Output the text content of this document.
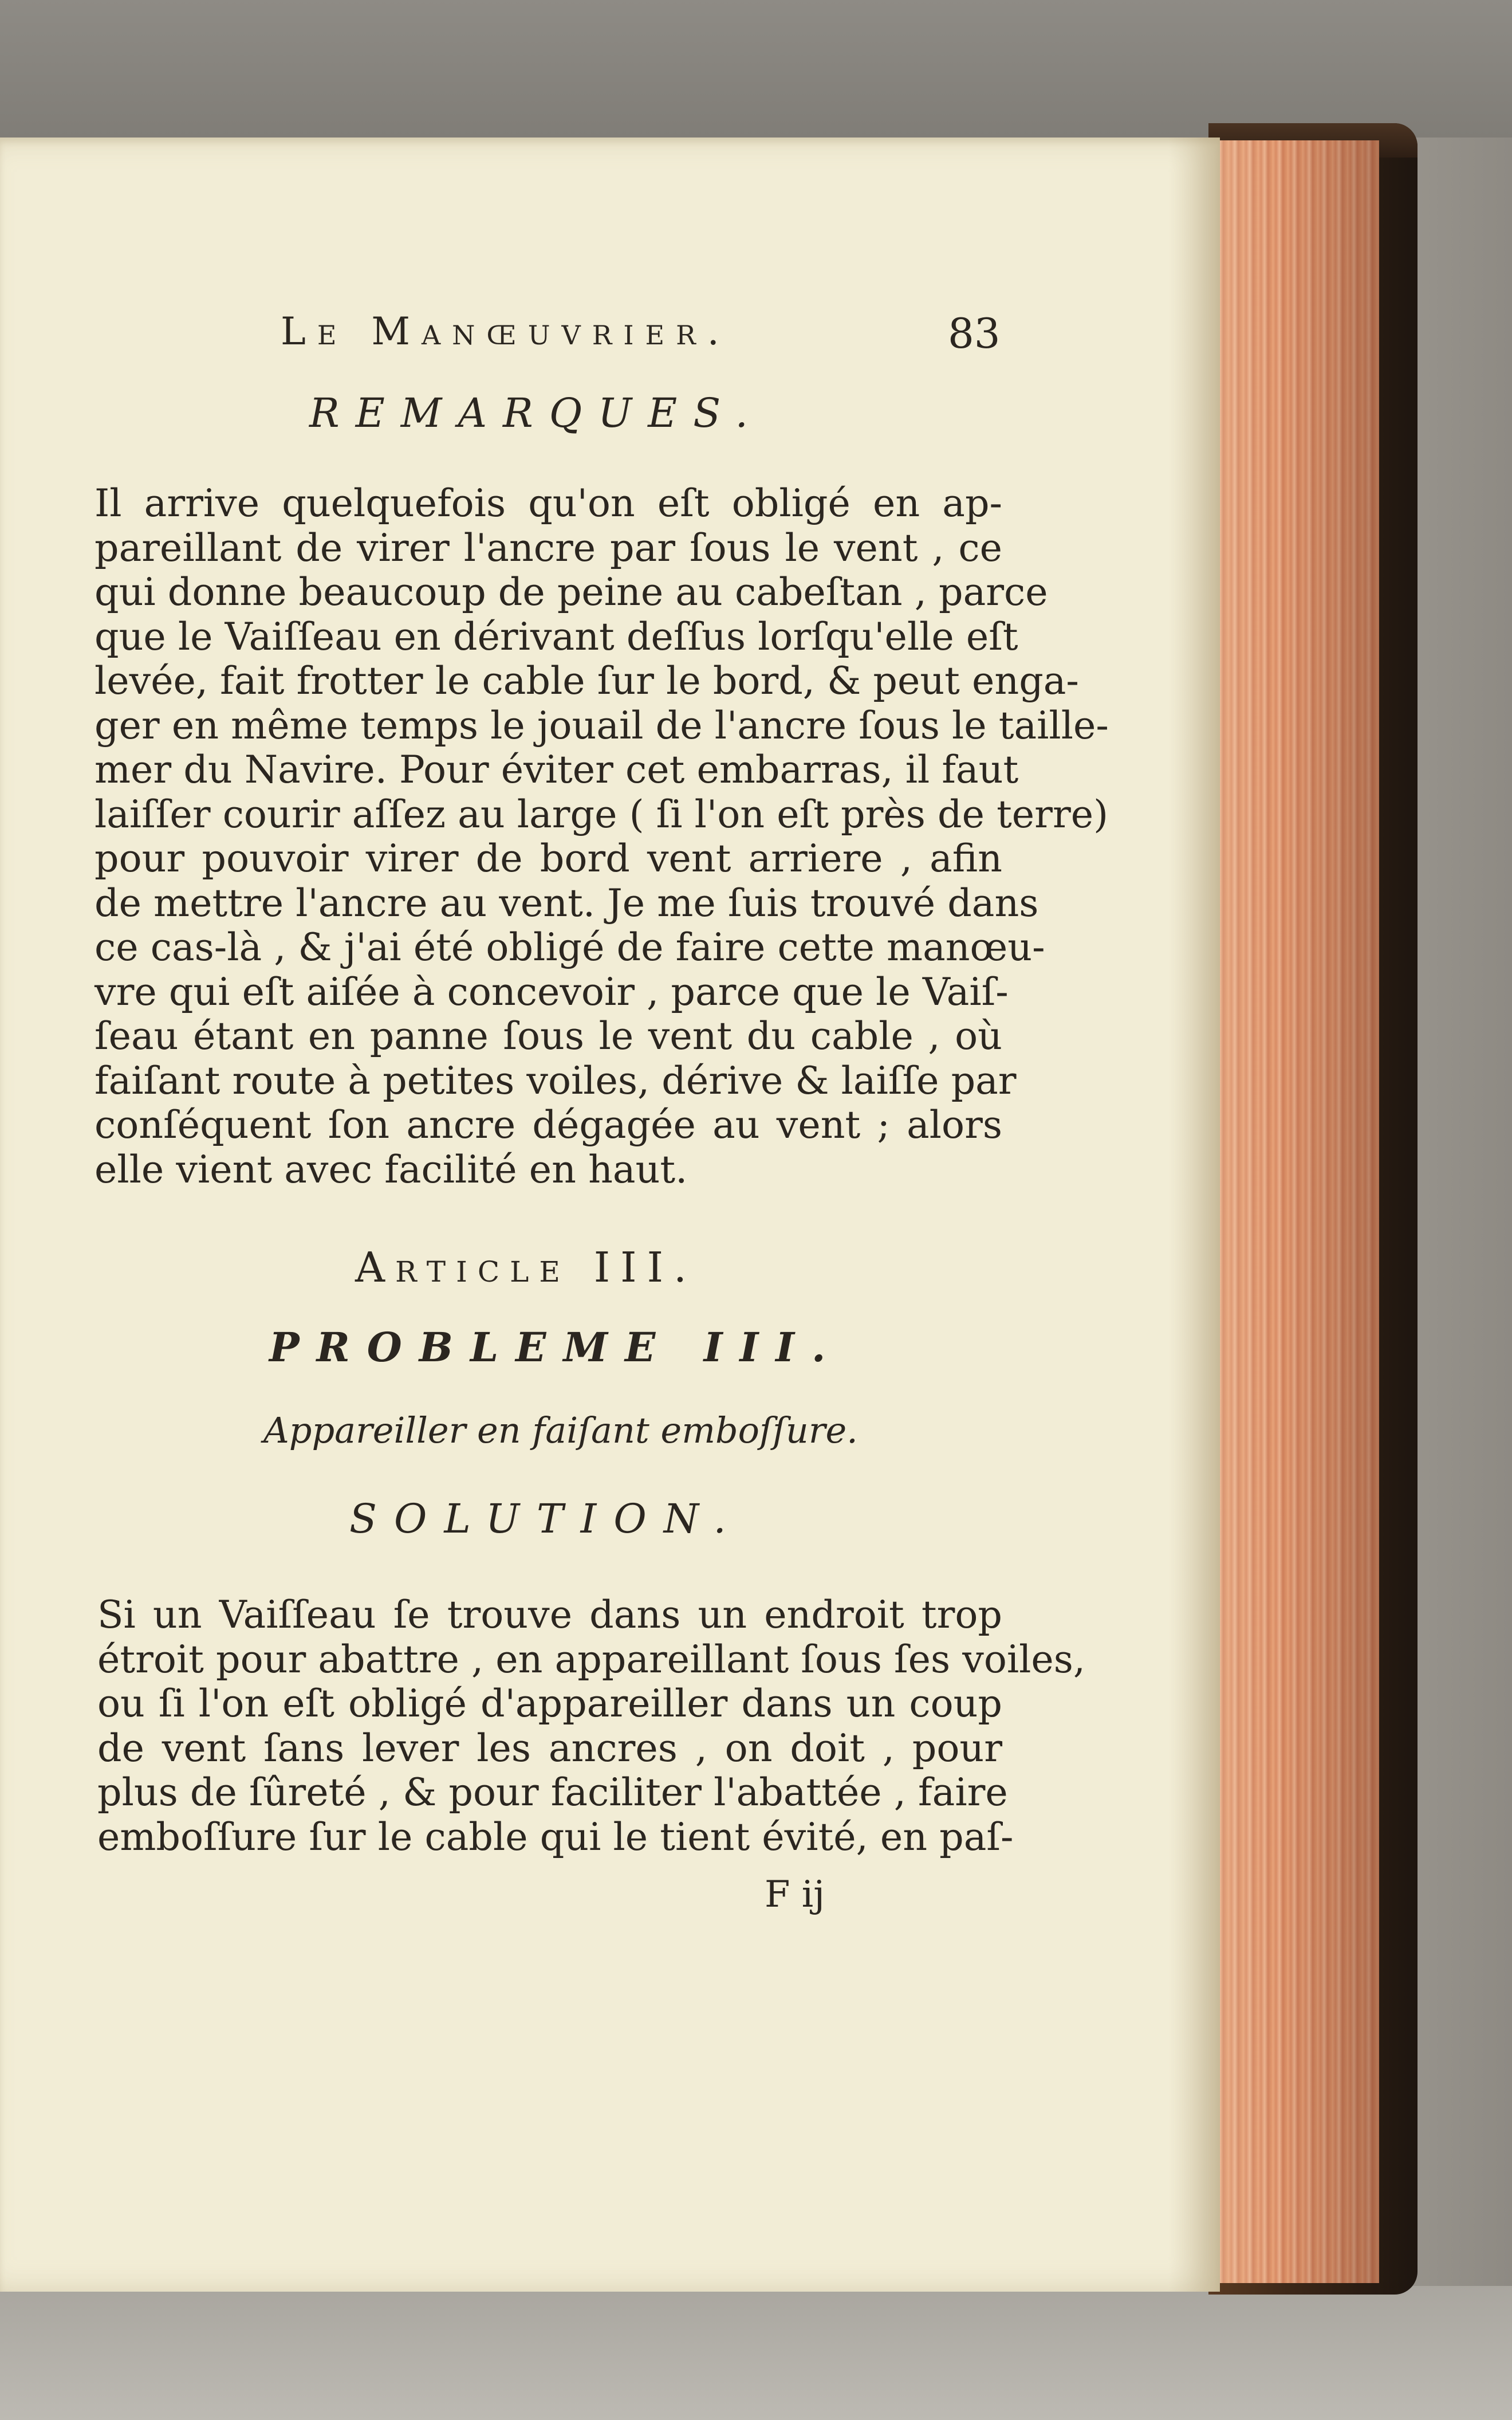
Le Manœuvrier.	83
REMARQUES.
Il arrive quelquefois qu'on eſt obligé en ap-
pareillant de virer l'ancre par ſous le vent , ce
qui donne beaucoup de peine au cabeſtan , parce
que le Vaiſſeau en dérivant deſſus lorſqu'elle eſt
levée, fait frotter le cable ſur le bord, & peut enga-
ger en même temps le jouail de l'ancre ſous le taille-
mer du Navire. Pour éviter cet embarras, il faut
laiſſer courir aſſez au large ( ſi l'on eſt près de terre)
pour pouvoir virer de bord vent arriere , afin
de mettre l'ancre au vent. Je me ſuis trouvé dans
ce cas-là , & j'ai été obligé de faire cette manœu-
vre qui eſt aiſée à concevoir , parce que le Vaiſ-
ſeau étant en panne ſous le vent du cable , où
faiſant route à petites voiles, dérive & laiſſe par
conſéquent ſon ancre dégagée au vent ; alors
elle vient avec facilité en haut.
Article III.
PROBLEME III.
Appareiller en faiſant emboſſure.
SOLUTION.
Si un Vaiſſeau ſe trouve dans un endroit trop
étroit pour abattre , en appareillant ſous ſes voiles,
ou ſi l'on eſt obligé d'appareiller dans un coup
de vent ſans lever les ancres , on doit , pour
plus de ſûreté , & pour faciliter l'abattée , faire
emboſſure ſur le cable qui le tient évité, en paſ-
F ij
